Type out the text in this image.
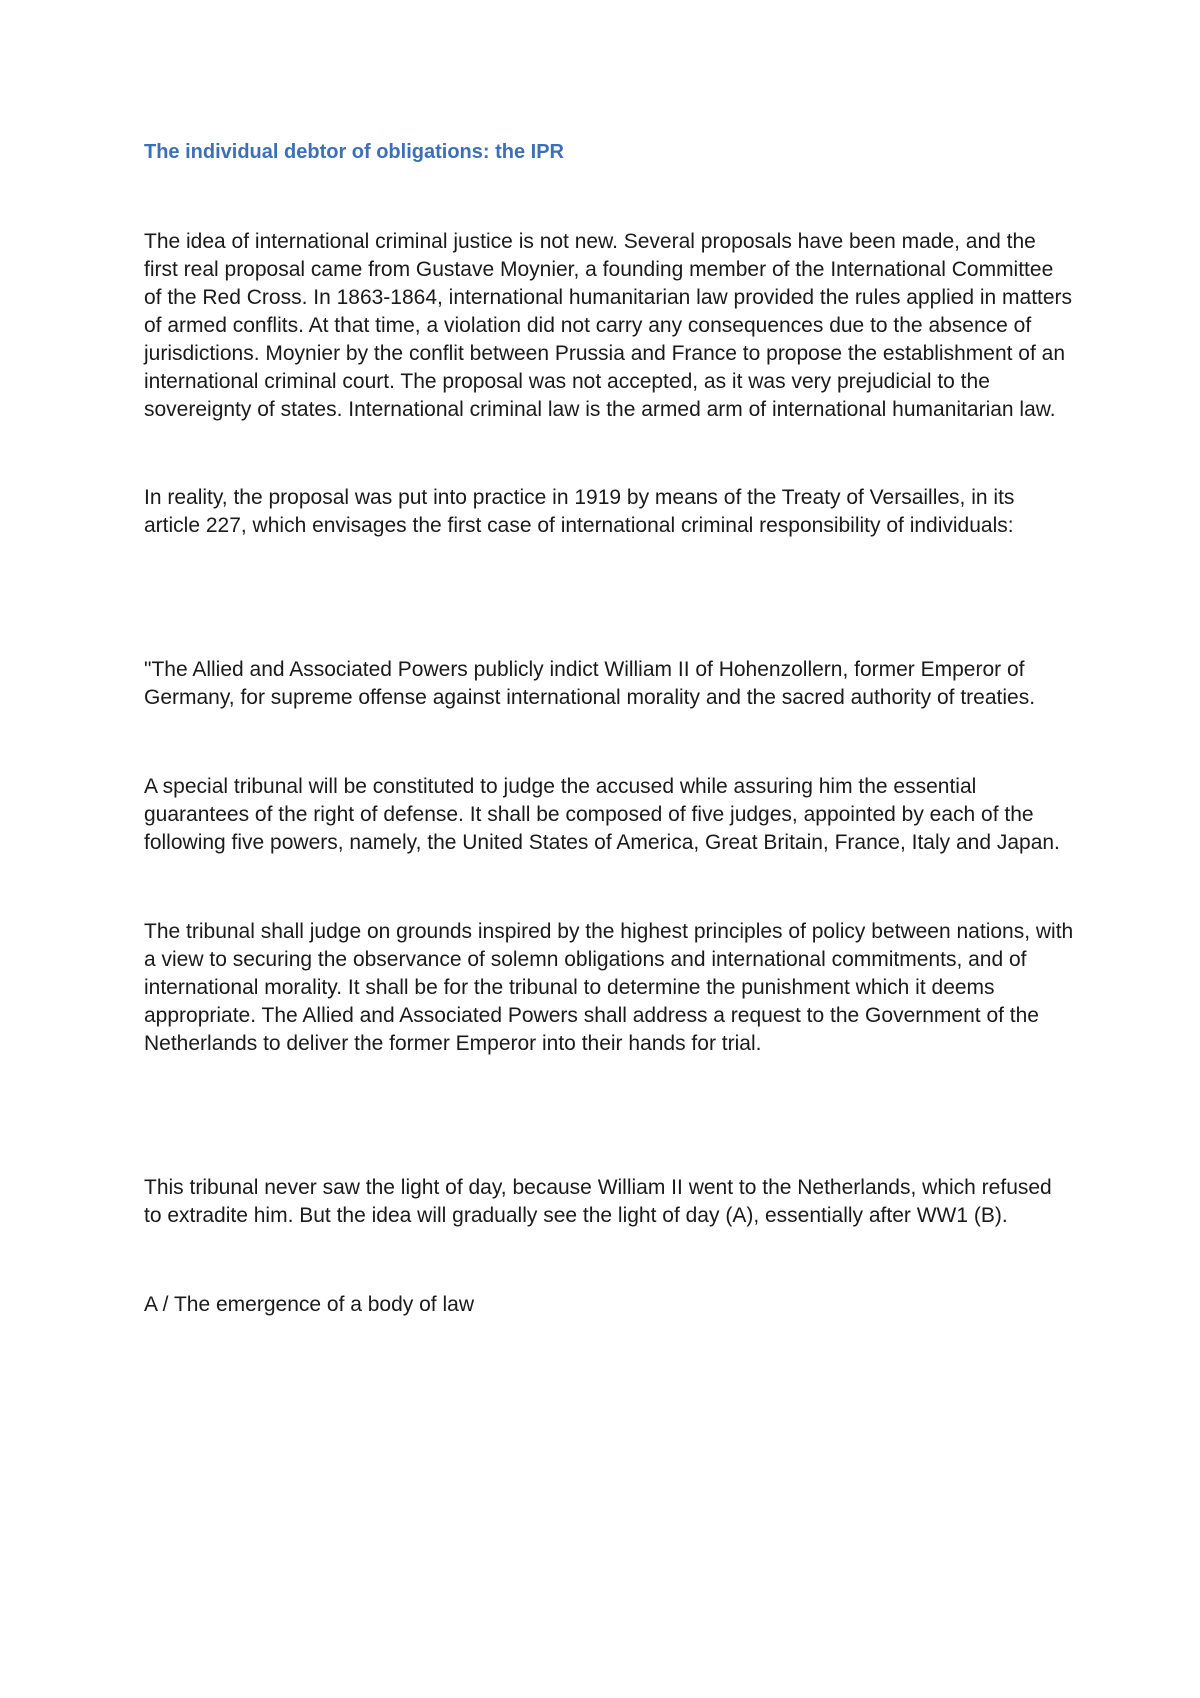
The individual debtor of obligations: the IPR

The idea of international criminal justice is not new. Several proposals have been made, and the first real proposal came from Gustave Moynier, a founding member of the International Committee of the Red Cross. In 1863-1864, international humanitarian law provided the rules applied in matters of armed conflits. At that time, a violation did not carry any consequences due to the absence of jurisdictions. Moynier by the conflit between Prussia and France to propose the establishment of an international criminal court. The proposal was not accepted, as it was very prejudicial to the sovereignty of states. International criminal law is the armed arm of international humanitarian law.

In reality, the proposal was put into practice in 1919 by means of the Treaty of Versailles, in its article 227, which envisages the first case of international criminal responsibility of individuals:

"The Allied and Associated Powers publicly indict William II of Hohenzollern, former Emperor of Germany, for supreme offense against international morality and the sacred authority of treaties.

A special tribunal will be constituted to judge the accused while assuring him the essential guarantees of the right of defense. It shall be composed of five judges, appointed by each of the following five powers, namely, the United States of America, Great Britain, France, Italy and Japan.

The tribunal shall judge on grounds inspired by the highest principles of policy between nations, with a view to securing the observance of solemn obligations and international commitments, and of international morality. It shall be for the tribunal to determine the punishment which it deems appropriate. The Allied and Associated Powers shall address a request to the Government of the Netherlands to deliver the former Emperor into their hands for trial.

This tribunal never saw the light of day, because William II went to the Netherlands, which refused to extradite him. But the idea will gradually see the light of day (A), essentially after WW1 (B).

A / The emergence of a body of law
